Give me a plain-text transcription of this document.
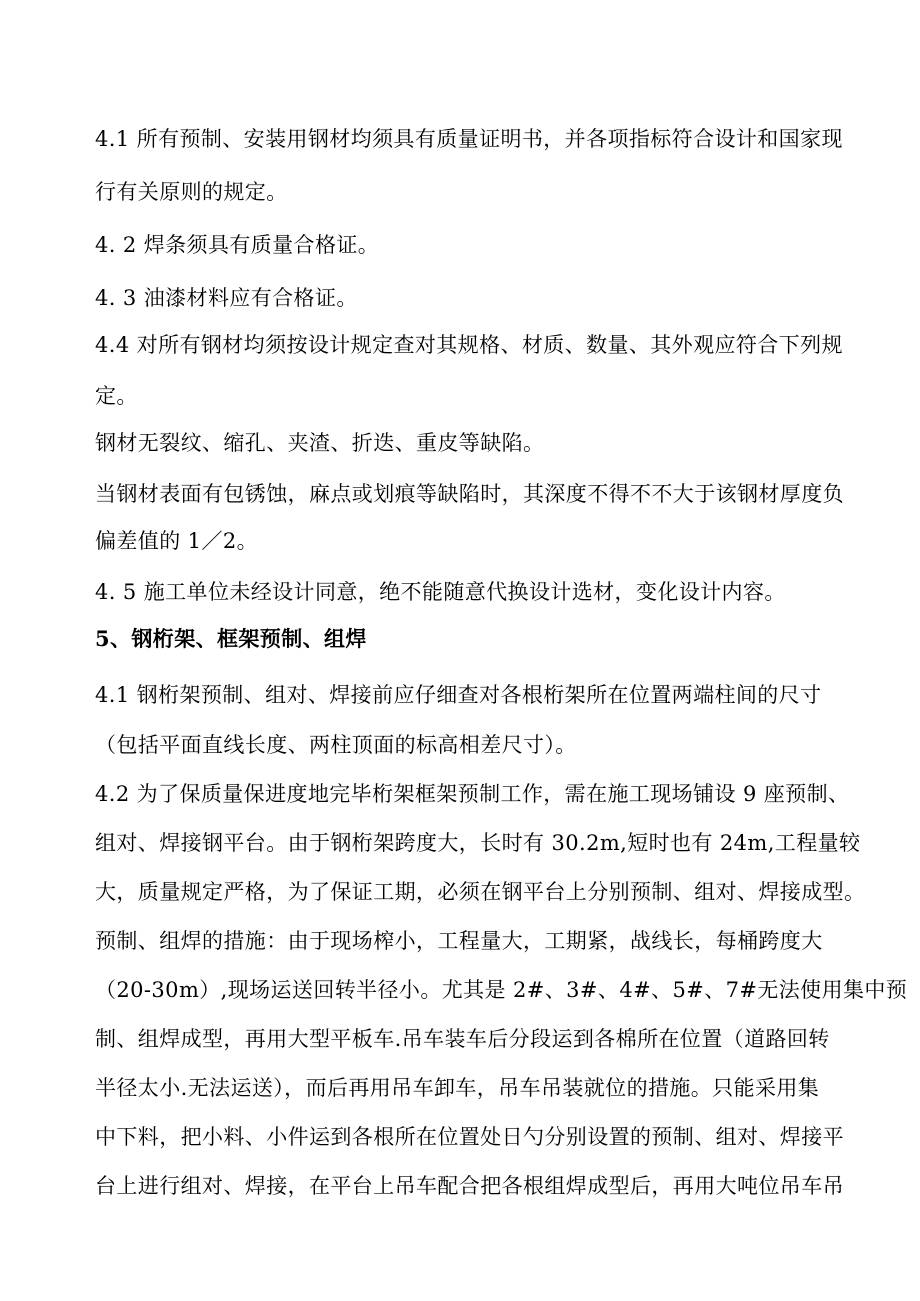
4.1 所有预制、安装用钢材均须具有质量证明书，并各项指标符合设计和国家现
行有关原则的规定。
4. 2 焊条须具有质量合格证。
4. 3 油漆材料应有合格证。
4.4 对所有钢材均须按设计规定查对其规格、材质、数量、其外观应符合下列规
定。
钢材无裂纹、缩孔、夹渣、折迭、重皮等缺陷。
当钢材表面有包锈蚀，麻点或划痕等缺陷时，其深度不得不不大于该钢材厚度负
偏差值的 1／2。
4. 5 施工单位未经设计同意，绝不能随意代换设计选材，变化设计内容。
5、钢桁架、框架预制、组焊
4.1 钢桁架预制、组对、焊接前应仔细查对各根桁架所在位置两端柱间的尺寸
（包括平面直线长度、两柱顶面的标高相差尺寸）。
4.2 为了保质量保进度地完毕桁架框架预制工作，需在施工现场铺设 9 座预制、
组对、焊接钢平台。由于钢桁架跨度大，长时有 30.2m,短时也有 24m,工程量较
大，质量规定严格，为了保证工期，必须在钢平台上分别预制、组对、焊接成型。
预制、组焊的措施：由于现场榨小，工程量大，工期紧，战线长，每桶跨度大
（20-30m）,现场运送回转半径小。尤其是 2#、3#、4#、5#、7#无法使用集中预
制、组焊成型，再用大型平板车.吊车装车后分段运到各棉所在位置（道路回转
半径太小.无法运送），而后再用吊车卸车，吊车吊装就位的措施。只能采用集
中下料，把小料、小件运到各根所在位置处日勺分别设置的预制、组对、焊接平
台上进行组对、焊接，在平台上吊车配合把各根组焊成型后，再用大吨位吊车吊
